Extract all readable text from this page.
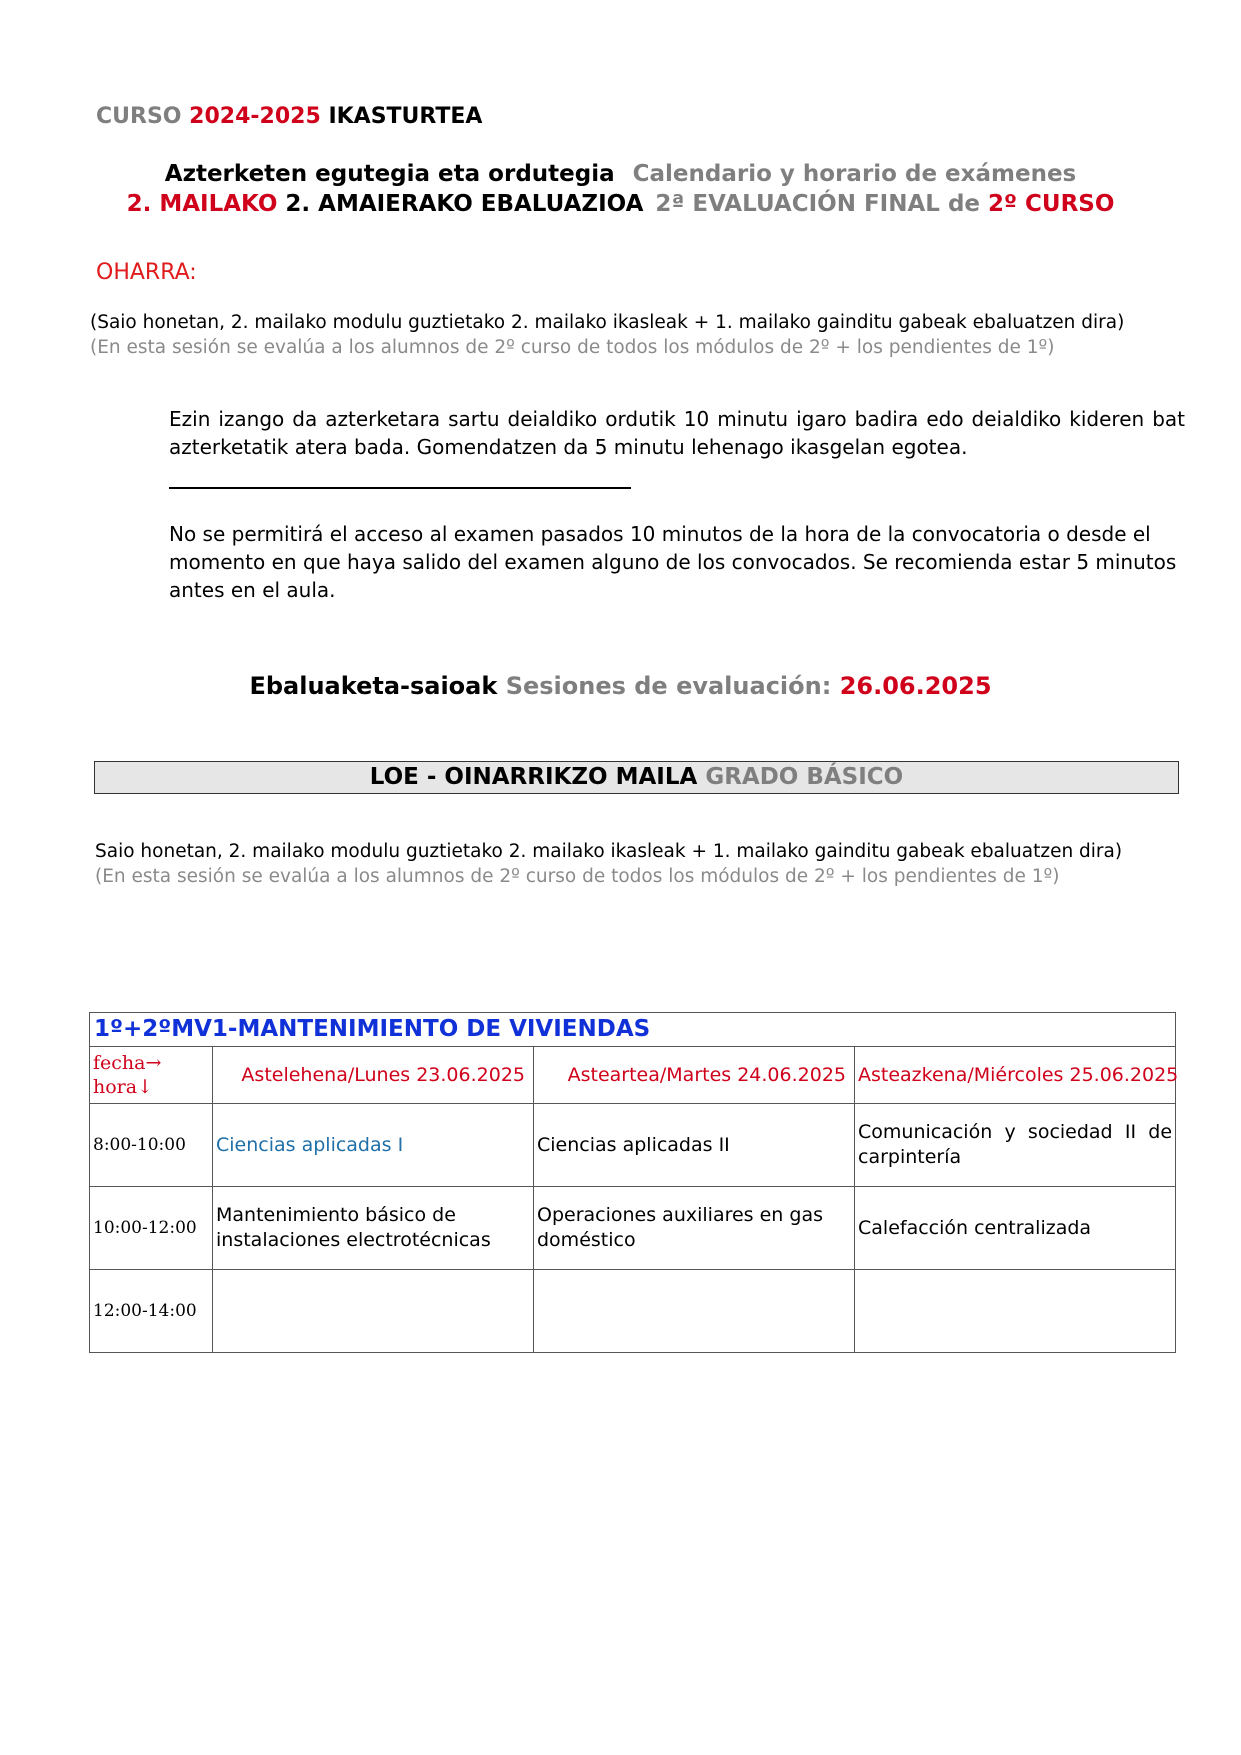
CURSO 2024-2025 IKASTURTEA
Azterketen egutegia eta ordutegia Calendario y horario de exámenes
2. MAILAKO 2. AMAIERAKO EBALUAZIOA 2ª EVALUACIÓN FINAL de 2º CURSO
OHARRA:
(Saio honetan, 2. mailako modulu guztietako 2. mailako ikasleak + 1. mailako gainditu gabeak ebaluatzen dira)
(En esta sesión se evalúa a los alumnos de 2º curso de todos los módulos de 2º + los pendientes de 1º)
Ezin izango da azterketara sartu deialdiko ordutik 10 minutu igaro badira edo deialdiko kideren bat azterketatik atera bada. Gomendatzen da 5 minutu lehenago ikasgelan egotea.
No se permitirá el acceso al examen pasados 10 minutos de la hora de la convocatoria o desde el momento en que haya salido del examen alguno de los convocados. Se recomienda estar 5 minutos antes en el aula.
Ebaluaketa-saioak Sesiones de evaluación: 26.06.2025
LOE - OINARRIKZO MAILA GRADO BÁSICO
Saio honetan, 2. mailako modulu guztietako 2. mailako ikasleak + 1. mailako gainditu gabeak ebaluatzen dira)
(En esta sesión se evalúa a los alumnos de 2º curso de todos los módulos de 2º + los pendientes de 1º)
1º+2ºMV1-MANTENIMIENTO DE VIVIENDAS			

fecha→
hora↓	Astelehena/Lunes 23.06.2025	Asteartea/Martes 24.06.2025	Asteazkena/Miércoles 25.06.2025
8:00-10:00	Ciencias aplicadas I	Ciencias aplicadas II	Comunicación y sociedad II de carpintería
10:00-12:00	Mantenimiento básico de instalaciones electrotécnicas	Operaciones auxiliares en gas doméstico	Calefacción centralizada
12:00-14:00			
